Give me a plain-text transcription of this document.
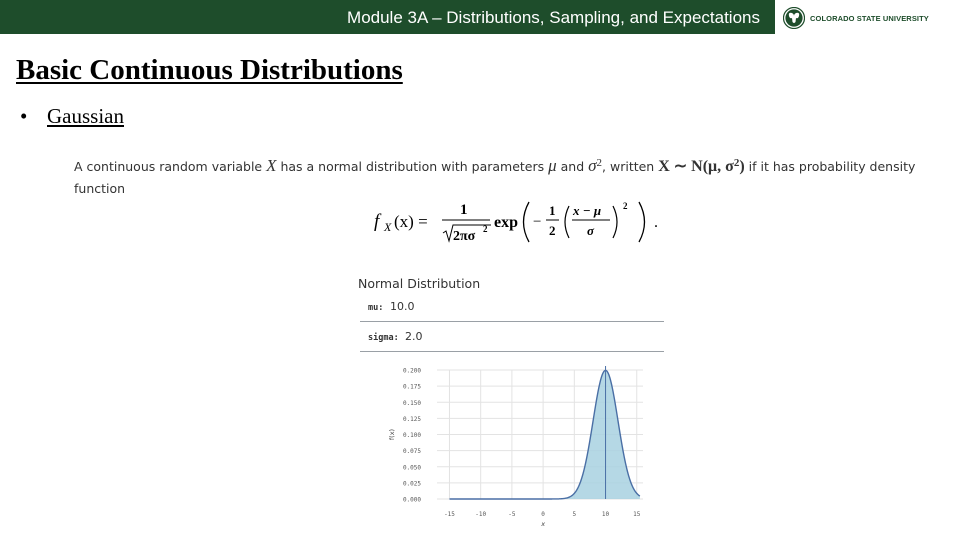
Module 3A – Distributions, Sampling, and Expectations	COLORADO STATE UNIVERSITY
Basic Continuous Distributions
• Gaussian
A continuous random variable X has a normal distribution with parameters μ and $\sigma^2$, written X ∼ N(μ, $\sigma^2$) if it has probability density function
f X (x) =
1
2πσ 2 exp −
1
2
x − μ
σ
2
.
Normal Distribution
mu:
10.0
sigma:
2.0
0.000
0.025
0.050
0.075
0.100
0.125
0.150
0.175
0.200
-15	-10	-5	0	5	10	15
x
f(x)
